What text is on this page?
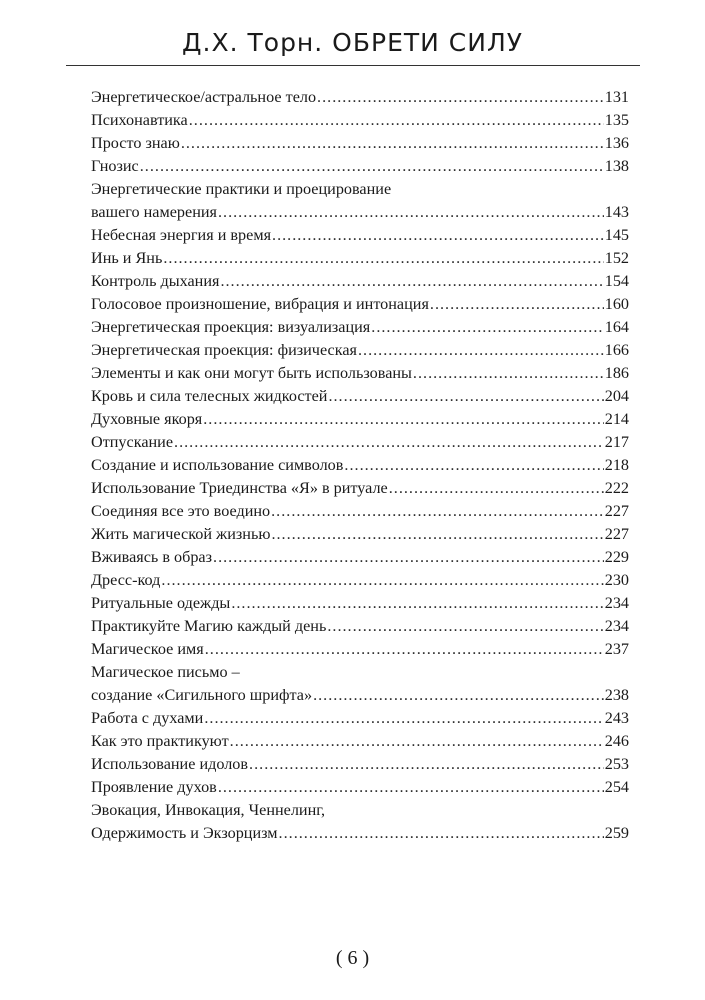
Д.Х. Торн. ОБРЕТИ СИЛУ
Энергетическое/астральное тело .....	131
Психонавтика .....	135
Просто знаю .....	136
Гнозис .....	138
Энергетические практики и проецирование
вашего намерения .....	143
Небесная энергия и время .....	145
Инь и Янь .....	152
Контроль дыхания .....	154
Голосовое произношение, вибрация и интонация .....	160
Энергетическая проекция: визуализация .....	164
Энергетическая проекция: физическая .....	166
Элементы и как они могут быть использованы .....	186
Кровь и сила телесных жидкостей .....	204
Духовные якоря .....	214
Отпускание .....	217
Создание и использование символов .....	218
Использование Триединства «Я» в ритуале .....	222
Соединяя все это воедино .....	227
Жить магической жизнью .....	227
Вживаясь в образ .....	229
Дресс-код .....	230
Ритуальные одежды .....	234
Практикуйте Магию каждый день .....	234
Магическое имя .....	237
Магическое письмо –
создание «Сигильного шрифта» .....	238
Работа с духами .....	243
Как это практикуют .....	246
Использование идолов .....	253
Проявление духов .....	254
Эвокация, Инвокация, Ченнелинг,
Одержимость и Экзорцизм .....	259
( 6 )
